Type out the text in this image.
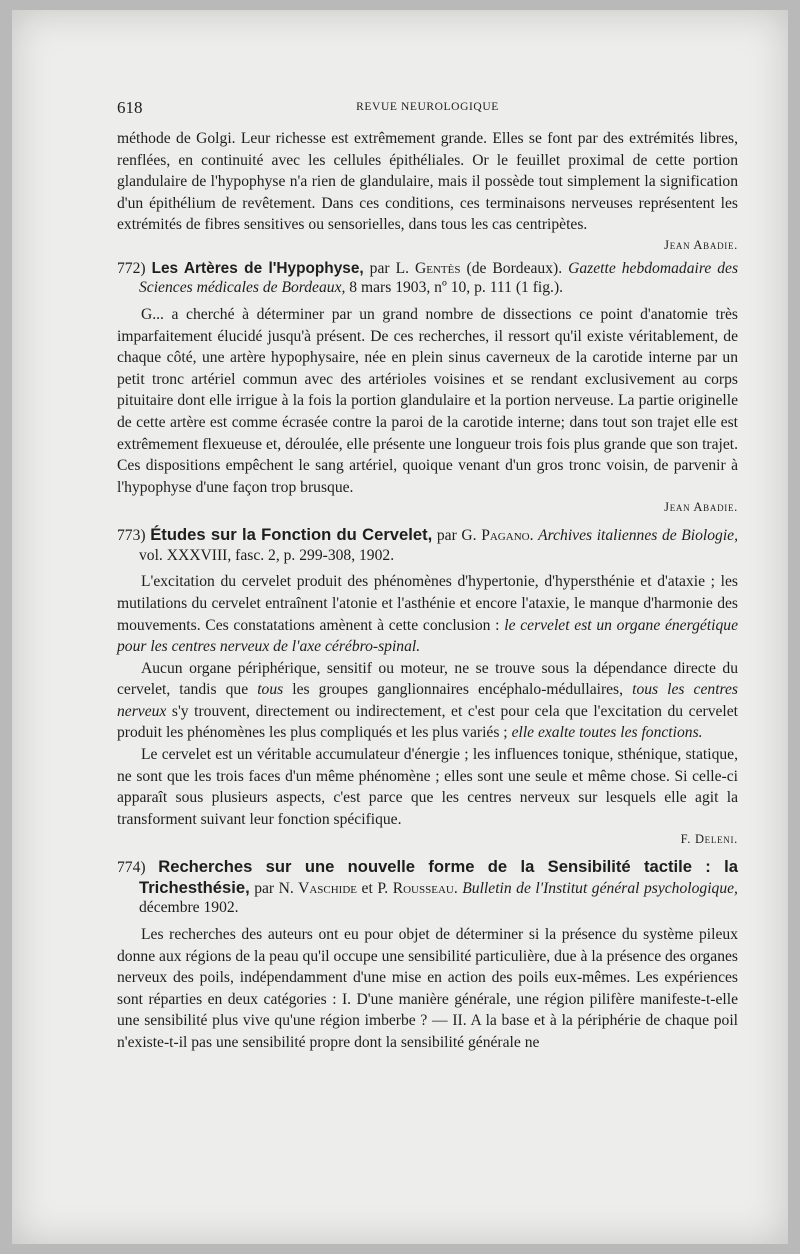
618	REVUE NEUROLOGIQUE

méthode de Golgi. Leur richesse est extrêmement grande. Elles se font par des extrémités libres, renflées, en continuité avec les cellules épithéliales. Or le feuillet proximal de cette portion glandulaire de l'hypophyse n'a rien de glandulaire, mais il possède tout simplement la signification d'un épithélium de revêtement. Dans ces conditions, ces terminaisons nerveuses représentent les extrémités de fibres sensitives ou sensorielles, dans tous les cas centripètes.

Jean Abadie.
772) Les Artères de l'Hypophyse, par L. Gentès (de Bordeaux). Gazette hebdomadaire des Sciences médicales de Bordeaux, 8 mars 1903, nº 10, p. 111 (1 fig.).

G... a cherché à déterminer par un grand nombre de dissections ce point d'anatomie très imparfaitement élucidé jusqu'à présent. De ces recherches, il ressort qu'il existe véritablement, de chaque côté, une artère hypophysaire, née en plein sinus caverneux de la carotide interne par un petit tronc artériel commun avec des artérioles voisines et se rendant exclusivement au corps pituitaire dont elle irrigue à la fois la portion glandulaire et la portion nerveuse. La partie originelle de cette artère est comme écrasée contre la paroi de la carotide interne; dans tout son trajet elle est extrêmement flexueuse et, déroulée, elle présente une longueur trois fois plus grande que son trajet. Ces dispositions empêchent le sang artériel, quoique venant d'un gros tronc voisin, de parvenir à l'hypophyse d'une façon trop brusque.

Jean Abadie.
773) Études sur la Fonction du Cervelet, par G. Pagano. Archives italiennes de Biologie, vol. XXXVIII, fasc. 2, p. 299-308, 1902.

L'excitation du cervelet produit des phénomènes d'hypertonie, d'hypersthénie et d'ataxie ; les mutilations du cervelet entraînent l'atonie et l'asthénie et encore l'ataxie, le manque d'harmonie des mouvements. Ces constatations amènent à cette conclusion : le cervelet est un organe énergétique pour les centres nerveux de l'axe cérébro-spinal.

Aucun organe périphérique, sensitif ou moteur, ne se trouve sous la dépendance directe du cervelet, tandis que tous les groupes ganglionnaires encéphalo-médullaires, tous les centres nerveux s'y trouvent, directement ou indirectement, et c'est pour cela que l'excitation du cervelet produit les phénomènes les plus compliqués et les plus variés ; elle exalte toutes les fonctions.

Le cervelet est un véritable accumulateur d'énergie ; les influences tonique, sthénique, statique, ne sont que les trois faces d'un même phénomène ; elles sont une seule et même chose. Si celle-ci apparaît sous plusieurs aspects, c'est parce que les centres nerveux sur lesquels elle agit la transforment suivant leur fonction spécifique.

F. Deleni.
774) Recherches sur une nouvelle forme de la Sensibilité tactile : la Trichesthésie, par N. Vaschide et P. Rousseau. Bulletin de l'Institut général psychologique, décembre 1902.

Les recherches des auteurs ont eu pour objet de déterminer si la présence du système pileux donne aux régions de la peau qu'il occupe une sensibilité particulière, due à la présence des organes nerveux des poils, indépendamment d'une mise en action des poils eux-mêmes. Les expériences sont réparties en deux catégories : I. D'une manière générale, une région pilifère manifeste-t-elle une sensibilité plus vive qu'une région imberbe ? — II. A la base et à la périphérie de chaque poil n'existe-t-il pas une sensibilité propre dont la sensibilité générale ne
